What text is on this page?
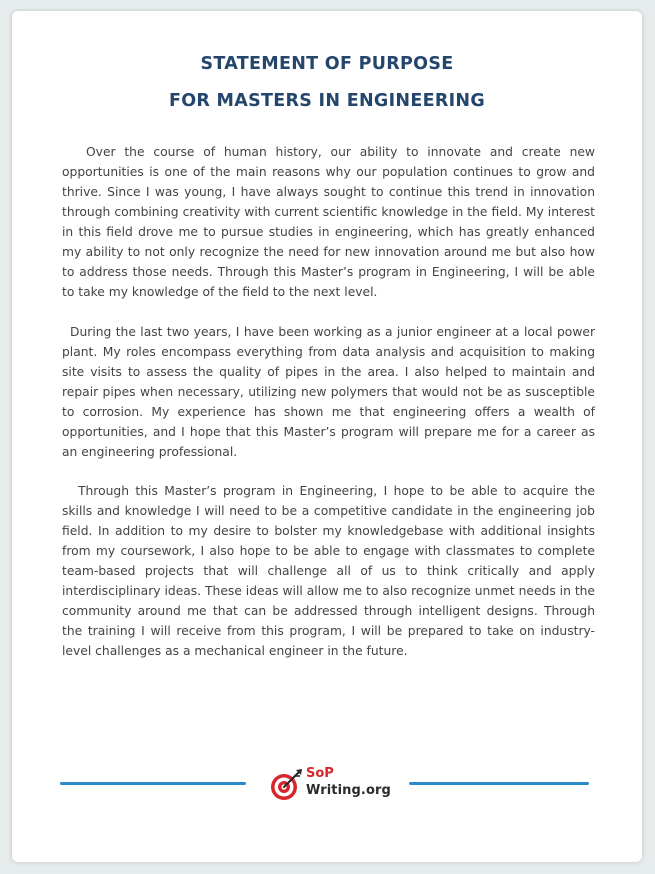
STATEMENT OF PURPOSE
FOR MASTERS IN ENGINEERING

Over the course of human history, our ability to innovate and create new opportunities is one of the main reasons why our population continues to grow and thrive. Since I was young, I have always sought to continue this trend in innovation through combining creativity with current scientific knowledge in the field. My interest in this field drove me to pursue studies in engineering, which has greatly enhanced my ability to not only recognize the need for new innovation around me but also how to address those needs. Through this Master’s program in Engineering, I will be able to take my knowledge of the field to the next level.

During the last two years, I have been working as a junior engineer at a local power plant. My roles encompass everything from data analysis and acquisition to making site visits to assess the quality of pipes in the area. I also helped to maintain and repair pipes when necessary, utilizing new polymers that would not be as susceptible to corrosion. My experience has shown me that engineering offers a wealth of opportunities, and I hope that this Master’s program will prepare me for a career as an engineering professional.

Through this Master’s program in Engineering, I hope to be able to acquire the skills and knowledge I will need to be a competitive candidate in the engineering job field. In addition to my desire to bolster my knowledgebase with additional insights from my coursework, I also hope to be able to engage with classmates to complete team-based projects that will challenge all of us to think critically and apply interdisciplinary ideas. These ideas will allow me to also recognize unmet needs in the community around me that can be addressed through intelligent designs. Through the training I will receive from this program, I will be prepared to take on industry-level challenges as a mechanical engineer in the future.

SoP
Writing.org
